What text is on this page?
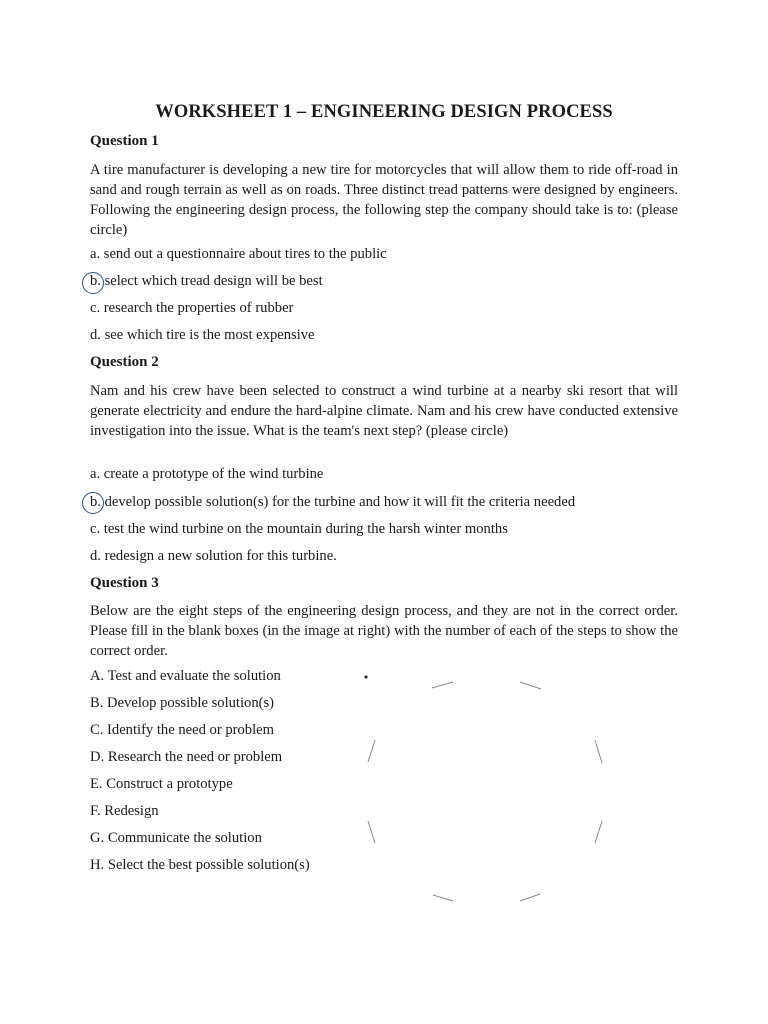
WORKSHEET 1 – ENGINEERING DESIGN PROCESS
Question 1
A tire manufacturer is developing a new tire for motorcycles that will allow them to ride off-road in sand and rough terrain as well as on roads. Three distinct tread patterns were designed by engineers. Following the engineering design process, the following step the company should take is to: (please circle)
a. send out a questionnaire about tires to the public
b. select which tread design will be best
c. research the properties of rubber
d. see which tire is the most expensive
Question 2
Nam and his crew have been selected to construct a wind turbine at a nearby ski resort that will generate electricity and endure the hard-alpine climate. Nam and his crew have conducted extensive investigation into the issue. What is the team's next step? (please circle)
a. create a prototype of the wind turbine
b. develop possible solution(s) for the turbine and how it will fit the criteria needed
c. test the wind turbine on the mountain during the harsh winter months
d. redesign a new solution for this turbine.
Question 3
Below are the eight steps of the engineering design process, and they are not in the correct order. Please fill in the blank boxes (in the image at right) with the number of each of the steps to show the correct order.
A. Test and evaluate the solution
B. Develop possible solution(s)
C. Identify the need or problem
D. Research the need or problem
E. Construct a prototype
F. Redesign
G. Communicate the solution
H. Select the best possible solution(s)
